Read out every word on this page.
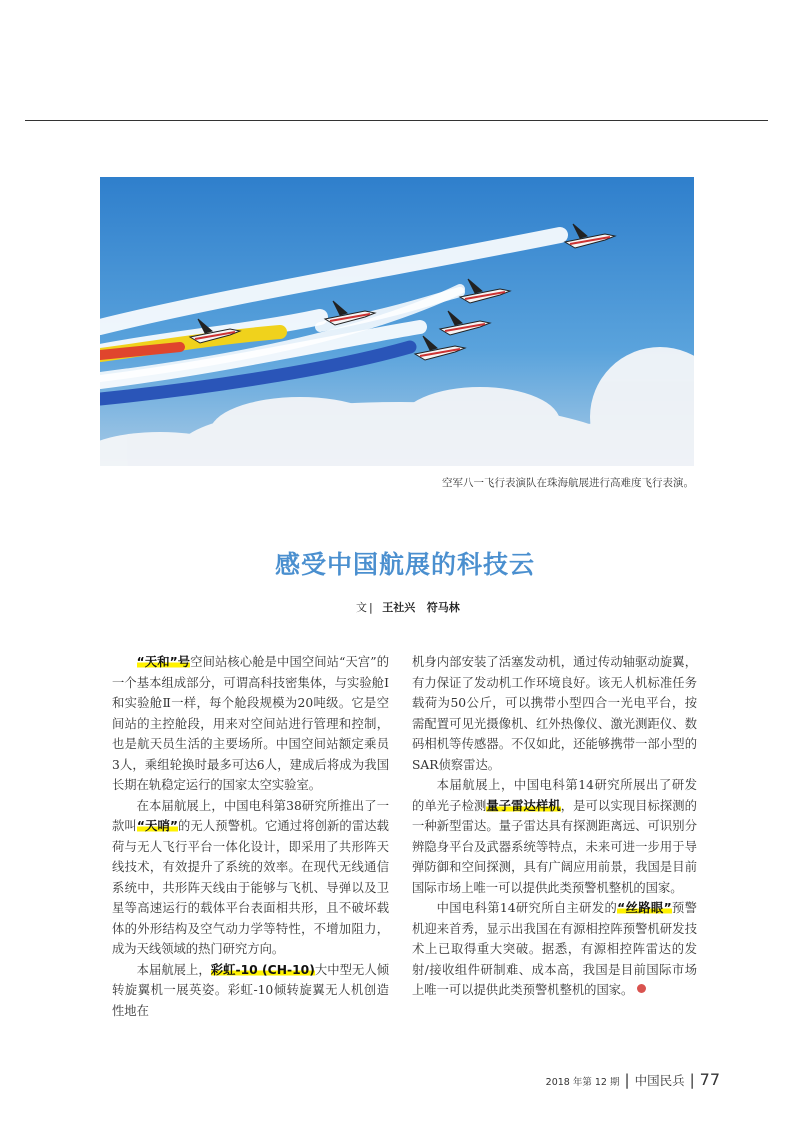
空军八一飞行表演队在珠海航展进行高难度飞行表演。
感受中国航展的科技云
文 | 王社兴 符马林

“天和”号空间站核心舱是中国空间站“天宫”的一个基本组成部分，可谓高科技密集体，与实验舱Ⅰ和实验舱Ⅱ一样，每个舱段规模为20吨级。它是空间站的主控舱段，用来对空间站进行管理和控制，也是航天员生活的主要场所。中国空间站额定乘员3人，乘组轮换时最多可达6人，建成后将成为我国长期在轨稳定运行的国家太空实验室。

在本届航展上，中国电科第38研究所推出了一款叫“天哨”的无人预警机。它通过将创新的雷达载荷与无人飞行平台一体化设计，即采用了共形阵天线技术，有效提升了系统的效率。在现代无线通信系统中，共形阵天线由于能够与飞机、导弹以及卫星等高速运行的载体平台表面相共形，且不破坏载体的外形结构及空气动力学等特性，不增加阻力，成为天线领域的热门研究方向。

本届航展上，彩虹-10 (CH-10)大中型无人倾转旋翼机一展英姿。彩虹-10倾转旋翼无人机创造性地在

机身内部安装了活塞发动机，通过传动轴驱动旋翼，有力保证了发动机工作环境良好。该无人机标准任务载荷为50公斤，可以携带小型四合一光电平台，按需配置可见光摄像机、红外热像仪、激光测距仪、数码相机等传感器。不仅如此，还能够携带一部小型的SAR侦察雷达。

本届航展上，中国电科第14研究所展出了研发的单光子检测量子雷达样机，是可以实现目标探测的一种新型雷达。量子雷达具有探测距离远、可识别分辨隐身平台及武器系统等特点，未来可进一步用于导弹防御和空间探测，具有广阔应用前景，我国是目前国际市场上唯一可以提供此类预警机整机的国家。

中国电科第14研究所自主研发的“丝路眼”预警机迎来首秀，显示出我国在有源相控阵预警机研发技术上已取得重大突破。据悉，有源相控阵雷达的发射/接收组件研制难、成本高，我国是目前国际市场上唯一可以提供此类预警机整机的国家。

2018 年第 12 期 | 中国民兵 | 77
